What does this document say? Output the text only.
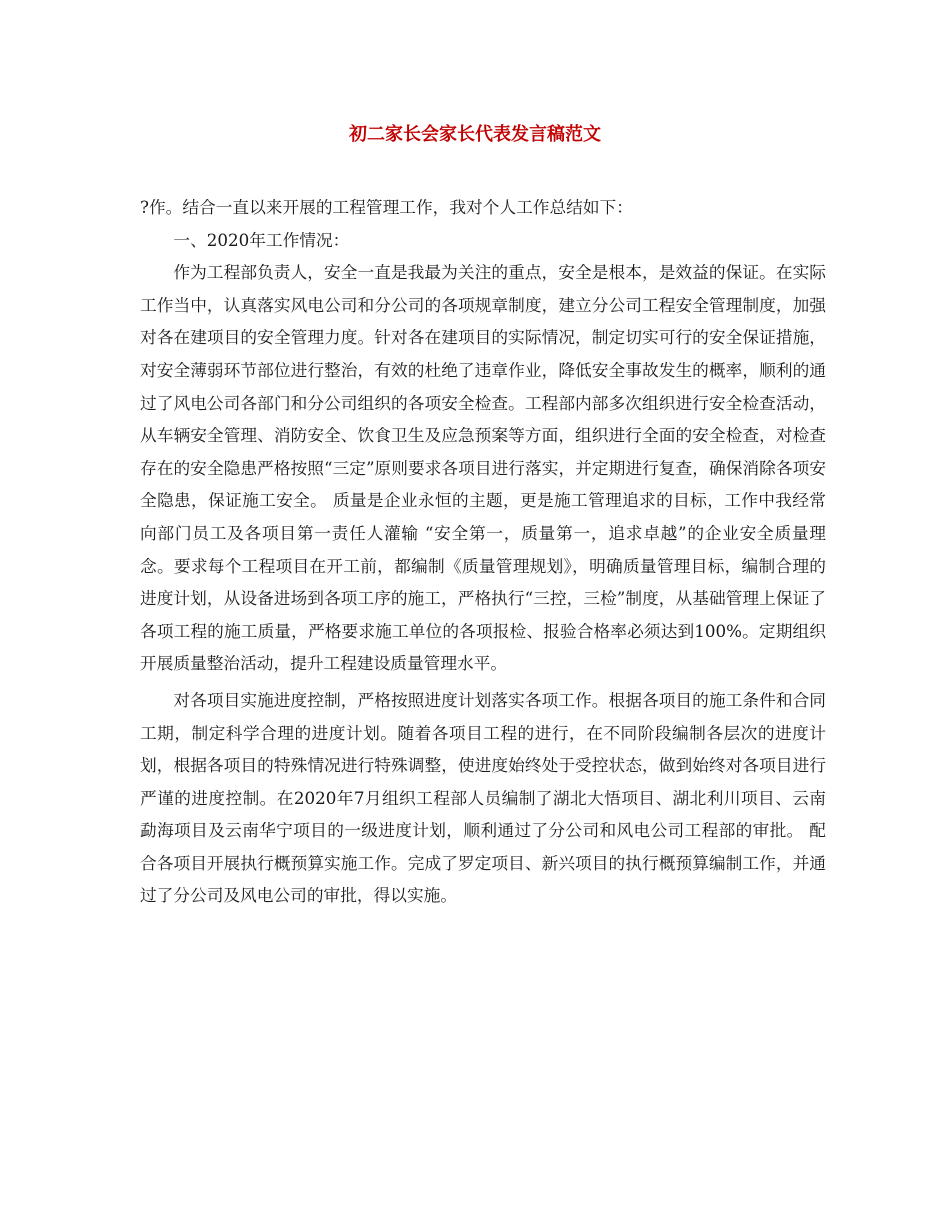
初二家长会家长代表发言稿范文

?作。结合一直以来开展的工程管理工作，我对个人工作总结如下：

一、2020年工作情况：

作为工程部负责人，安全一直是我最为关注的重点，安全是根本，是效益的保证。在实际工作当中，认真落实风电公司和分公司的各项规章制度，建立分公司工程安全管理制度，加强对各在建项目的安全管理力度。针对各在建项目的实际情况，制定切实可行的安全保证措施，对安全薄弱环节部位进行整治，有效的杜绝了违章作业，降低安全事故发生的概率，顺利的通过了风电公司各部门和分公司组织的各项安全检查。工程部内部多次组织进行安全检查活动，从车辆安全管理、消防安全、饮食卫生及应急预案等方面，组织进行全面的安全检查，对检查存在的安全隐患严格按照“三定”原则要求各项目进行落实，并定期进行复查，确保消除各项安全隐患，保证施工安全。 质量是企业永恒的主题，更是施工管理追求的目标，工作中我经常向部门员工及各项目第一责任人灌输 “安全第一，质量第一，追求卓越”的企业安全质量理念。要求每个工程项目在开工前，都编制《质量管理规划》，明确质量管理目标，编制合理的进度计划，从设备进场到各项工序的施工，严格执行“三控，三检”制度，从基础管理上保证了各项工程的施工质量，严格要求施工单位的各项报检、报验合格率必须达到100%。定期组织开展质量整治活动，提升工程建设质量管理水平。

对各项目实施进度控制，严格按照进度计划落实各项工作。根据各项目的施工条件和合同工期，制定科学合理的进度计划。随着各项目工程的进行，在不同阶段编制各层次的进度计划，根据各项目的特殊情况进行特殊调整，使进度始终处于受控状态，做到始终对各项目进行严谨的进度控制。在2020年7月组织工程部人员编制了湖北大悟项目、湖北利川项目、云南勐海项目及云南华宁项目的一级进度计划，顺利通过了分公司和风电公司工程部的审批。 配合各项目开展执行概预算实施工作。完成了罗定项目、新兴项目的执行概预算编制工作，并通过了分公司及风电公司的审批，得以实施。
